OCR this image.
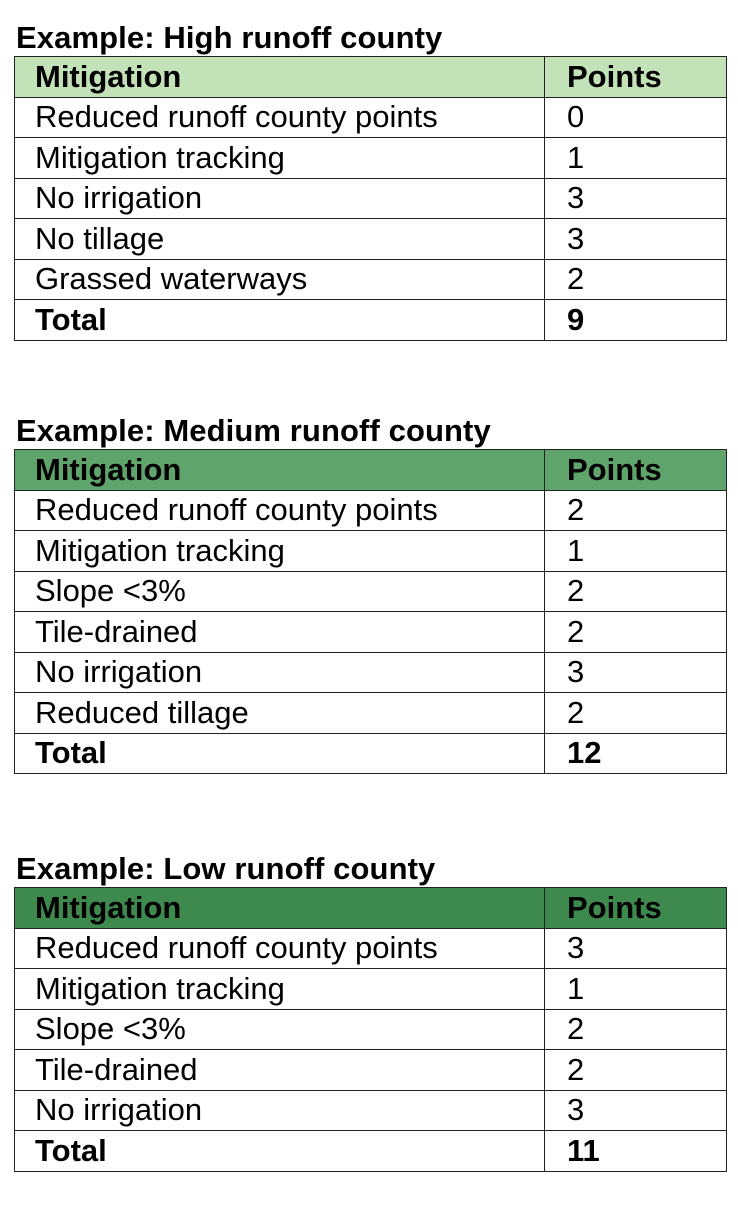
Example: High runoff county
Mitigation	Points
Reduced runoff county points	0
Mitigation tracking	1
No irrigation	3
No tillage	3
Grassed waterways	2
Total	9
Example: Medium runoff county
Mitigation	Points
Reduced runoff county points	2
Mitigation tracking	1
Slope <3%	2
Tile-drained	2
No irrigation	3
Reduced tillage	2
Total	12
Example: Low runoff county
Mitigation	Points
Reduced runoff county points	3
Mitigation tracking	1
Slope <3%	2
Tile-drained	2
No irrigation	3
Total	11
